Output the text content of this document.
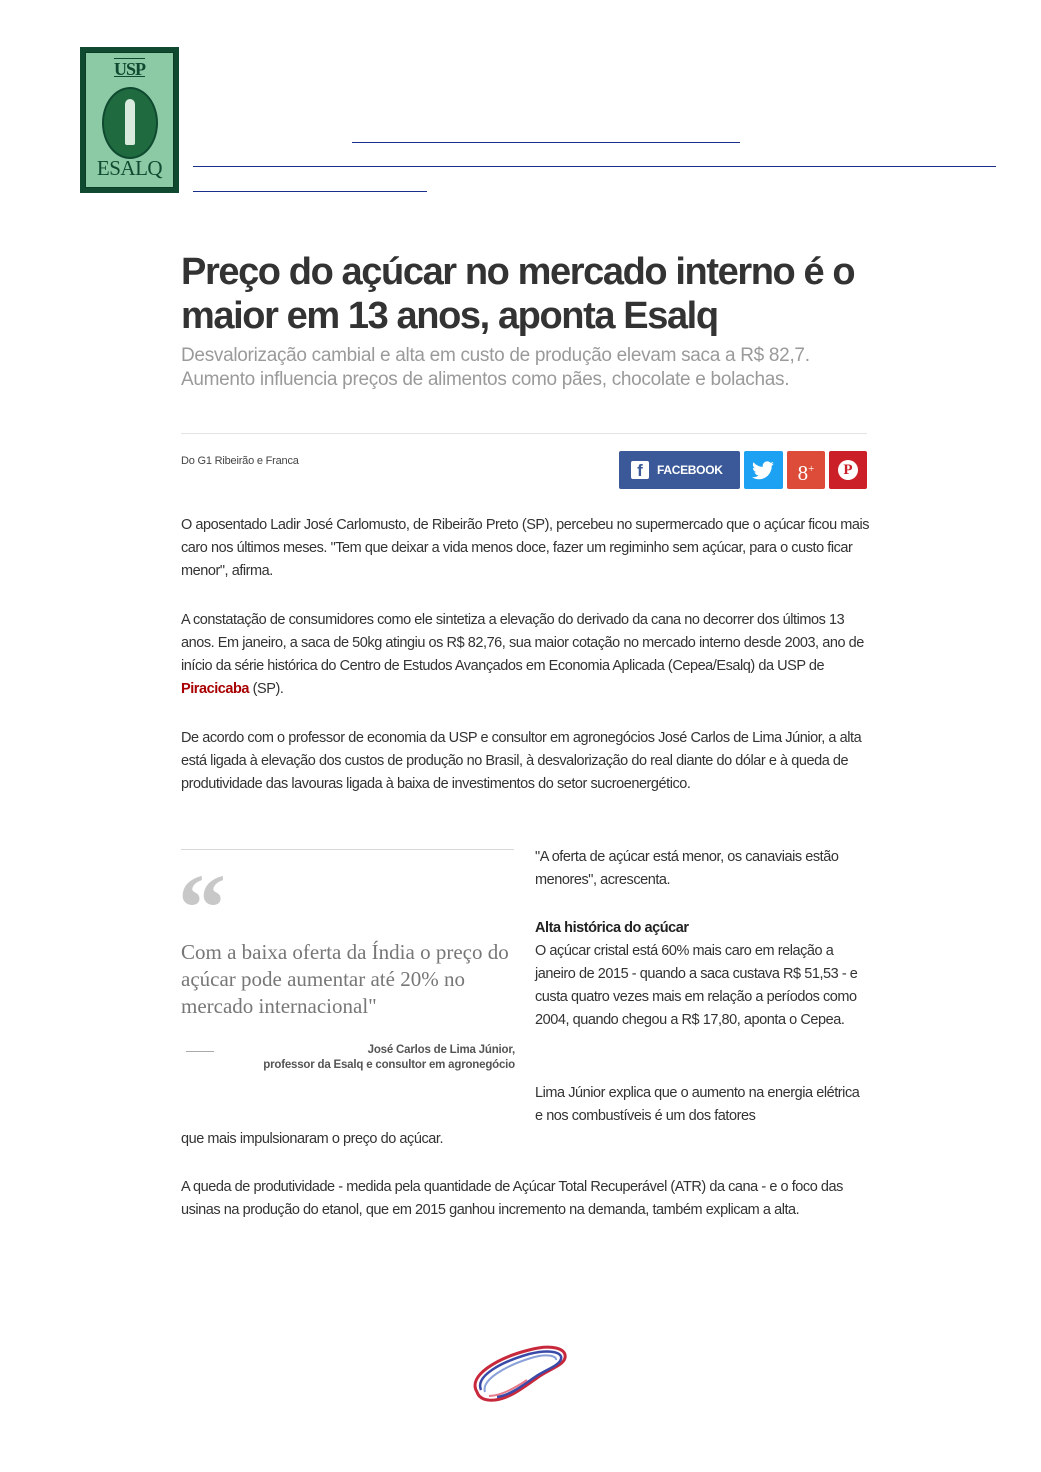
USP
ESALQ
Preço do açúcar no mercado interno é o maior em 13 anos, aponta Esalq

Desvalorização cambial e alta em custo de produção elevam saca a R$ 82,7. Aumento influencia preços de alimentos como pães, chocolate e bolachas.

Do G1 Ribeirão e Franca	f	FACEBOOK	8+	P

O aposentado Ladir José Carlomusto, de Ribeirão Preto (SP), percebeu no supermercado que o açúcar ficou mais caro nos últimos meses. "Tem que deixar a vida menos doce, fazer um regiminho sem açúcar, para o custo ficar menor", afirma.

A constatação de consumidores como ele sintetiza a elevação do derivado da cana no decorrer dos últimos 13 anos. Em janeiro, a saca de 50kg atingiu os R$ 82,76, sua maior cotação no mercado interno desde 2003, ano de início da série histórica do Centro de Estudos Avançados em Economia Aplicada (Cepea/Esalq) da USP de Piracicaba (SP).

De acordo com o professor de economia da USP e consultor em agronegócios José Carlos de Lima Júnior, a alta está ligada à elevação dos custos de produção no Brasil, à desvalorização do real diante do dólar e à queda de produtividade das lavouras ligada à baixa de investimentos do setor sucroenergético.

“

Com a baixa oferta da Índia o preço do açúcar pode aumentar até 20% no mercado internacional"

José Carlos de Lima Júnior,
professor da Esalq e consultor em agronegócio

"A oferta de açúcar está menor, os canaviais estão menores", acrescenta.

Alta histórica do açúcar
O açúcar cristal está 60% mais caro em relação a janeiro de 2015 - quando a saca custava R$ 51,53 - e custa quatro vezes mais em relação a períodos como 2004, quando chegou a R$ 17,80, aponta o Cepea.

Lima Júnior explica que o aumento na energia elétrica e nos combustíveis é um dos fatores

que mais impulsionaram o preço do açúcar.

A queda de produtividade - medida pela quantidade de Açúcar Total Recuperável (ATR) da cana - e o foco das usinas na produção do etanol, que em 2015 ganhou incremento na demanda, também explicam a alta.
